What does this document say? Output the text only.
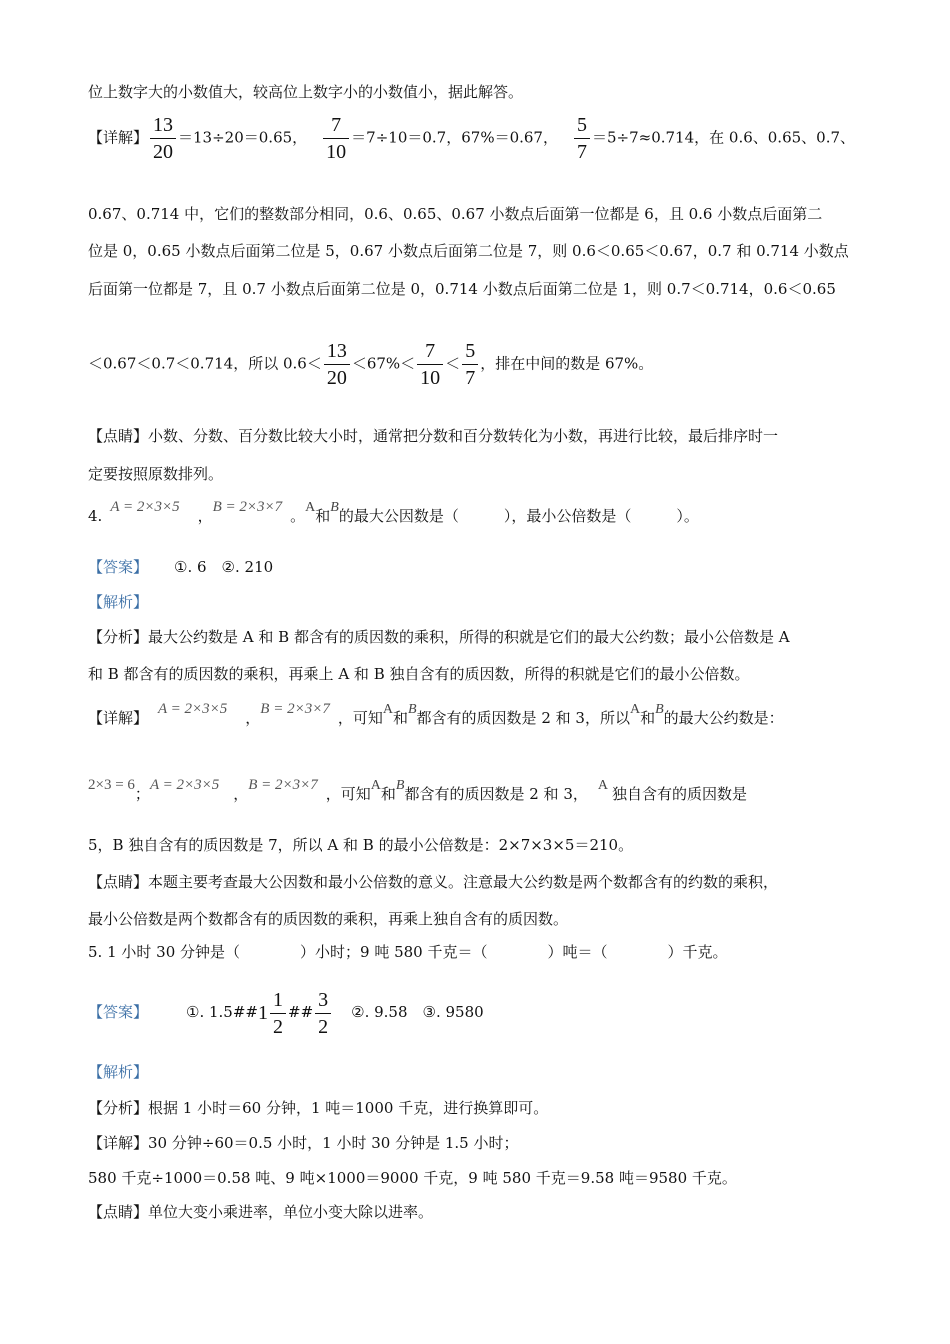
位上数字大的小数值大，较高位上数字小的小数值小，据此解答。
【详解】 $\frac{13}{20} =13\div 20=0.65$， $\frac{7}{10} =7\div 10=0.7$，67%＝0.67， $\frac{5}{7} =5\div 7\approx 0.714$，在 0.6、0.65、0.7、
0.67、0.714 中，它们的整数部分相同，0.6、0.65、0.67 小数点后面第一位都是 6，且 0.6 小数点后面第二
位是 0，0.65 小数点后面第二位是 5，0.67 小数点后面第二位是 7，则 0.6＜0.65＜0.67，0.7 和 0.714 小数点
后面第一位都是 7，且 0.7 小数点后面第二位是 0，0.714 小数点后面第二位是 1，则 0.7＜0.714，0.6＜0.65
＜0.67＜0.7＜0.714，所以 $0.6< \frac{13}{20} <67\%< \frac{7}{10} < \frac{5}{7}$ ，排在中间的数是 67%。
【点睛】小数、分数、百分数比较大小时，通常把分数和百分数转化为小数，再进行比较，最后排序时一
定要按照原数排列。
4. A = 2×3×5 ，B = 2×3×7 。A和B的最大公因数是（　　　），最小公倍数是（　　　）。
【答案】 ①. 6　②. 210
【解析】
【分析】最大公约数是 A 和 B 都含有的质因数的乘积，所得的积就是它们的最大公约数；最小公倍数是 A
和 B 都含有的质因数的乘积，再乘上 A 和 B 独自含有的质因数，所得的积就是它们的最小公倍数。
【详解】 A = 2×3×5 ，B = 2×3×7 ，可知A和B都含有的质因数是 2 和 3，所以A和B的最大公约数是：
2×3 = 6；A = 2×3×5 ，B = 2×3×7 ，可知A和B都含有的质因数是 2 和 3， A 独自含有的质因数是
5，B 独自含有的质因数是 7，所以 A 和 B 的最小公倍数是：2×7×3×5＝210。
【点睛】本题主要考查最大公因数和最小公倍数的意义。注意最大公约数是两个数都含有的约数的乘积，
最小公倍数是两个数都含有的质因数的乘积，再乘上独自含有的质因数。
5. 1 小时 30 分钟是（　　　　）小时；9 吨 580 千克＝（　　　　）吨＝（　　　　）千克。
【答案】	①. 1.5##1 $\frac{1}{2}$ ## $\frac{3}{2}$ ②. 9.58　③. 9580
【解析】
【分析】根据 1 小时＝60 分钟，1 吨＝1000 千克，进行换算即可。
【详解】30 分钟÷60＝0.5 小时，1 小时 30 分钟是 1.5 小时；
580 千克÷1000＝0.58 吨、9 吨×1000＝9000 千克，9 吨 580 千克＝9.58 吨＝9580 千克。
【点睛】单位大变小乘进率，单位小变大除以进率。
